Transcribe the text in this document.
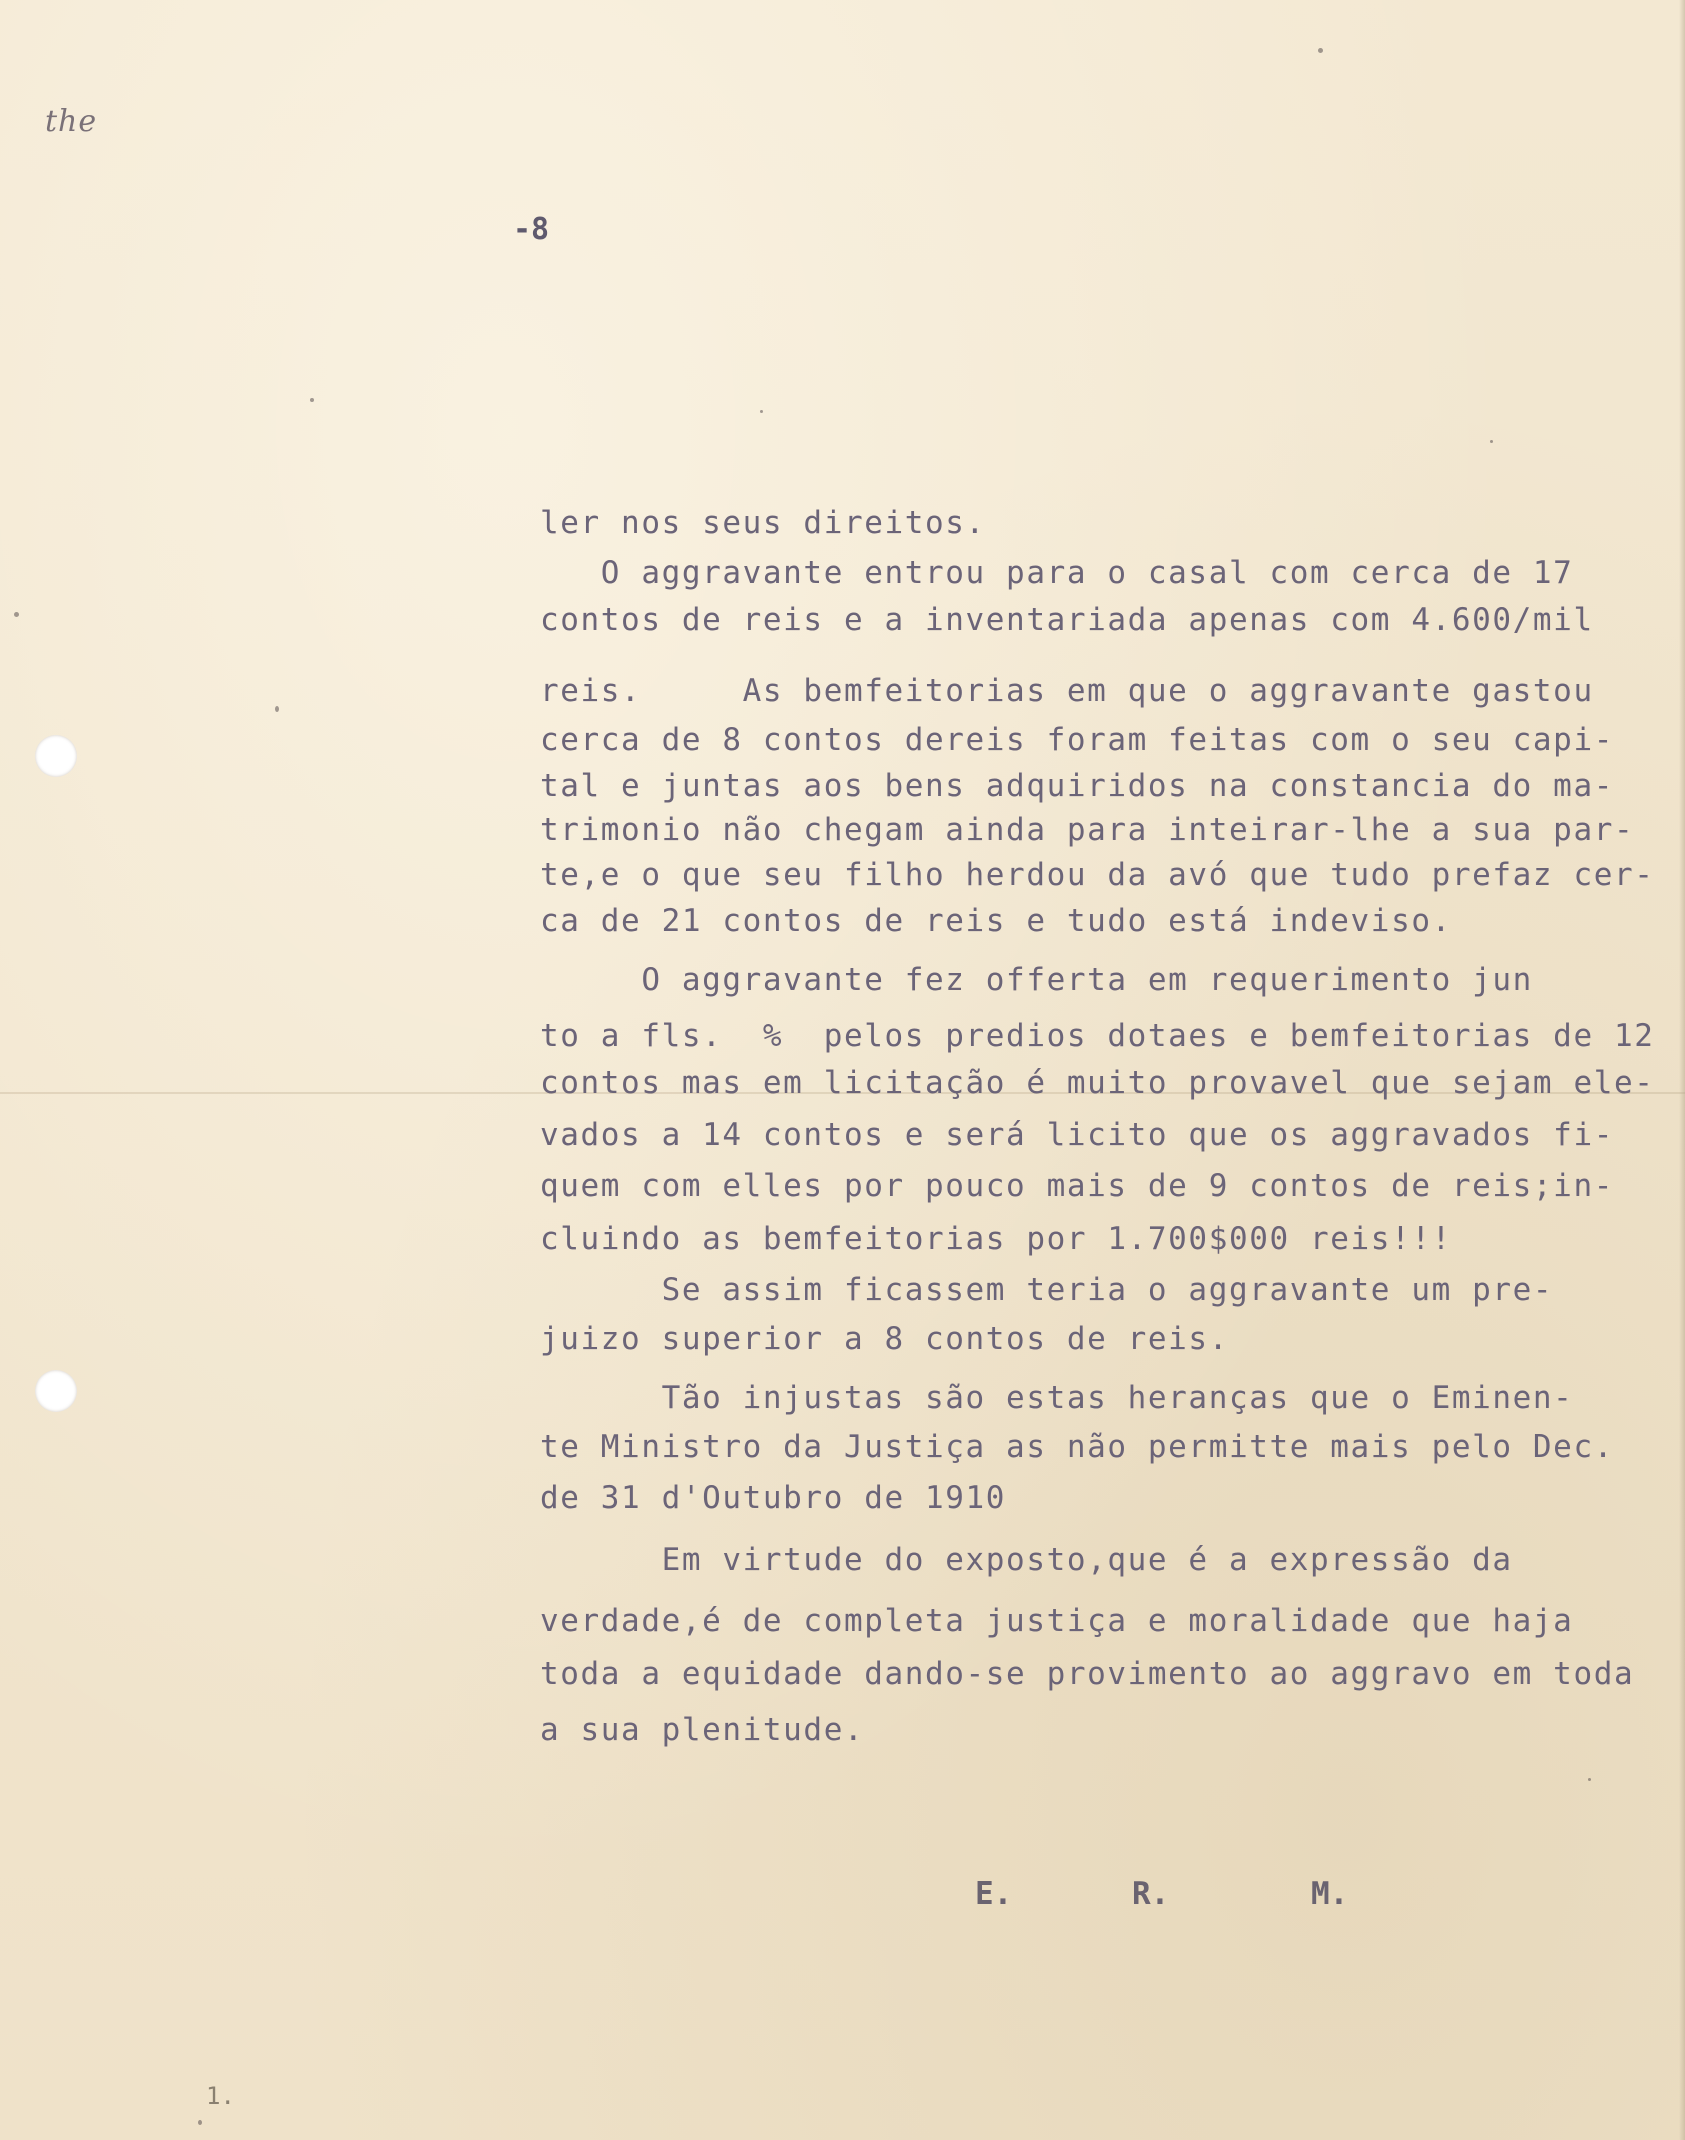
the
-8
ler nos seus direitos.
O aggravante entrou para o casal com cerca de 17
contos de reis e a inventariada apenas com 4.600/mil
reis.     As bemfeitorias em que o aggravante gastou
cerca de 8 contos dereis foram feitas com o seu capi-
tal e juntas aos bens adquiridos na constancia do ma-
trimonio não chegam ainda para inteirar-lhe a sua par-
te,e o que seu filho herdou da avó que tudo prefaz cer-
ca de 21 contos de reis e tudo está indeviso.
O aggravante fez offerta em requerimento jun
to a fls.  %  pelos predios dotaes e bemfeitorias de 12
contos mas em licitação é muito provavel que sejam ele-
vados a 14 contos e será licito que os aggravados fi-
quem com elles por pouco mais de 9 contos de reis;in-
cluindo as bemfeitorias por 1.700$000 reis!!!
Se assim ficassem teria o aggravante um pre-
juizo superior a 8 contos de reis.
Tão injustas são estas heranças que o Eminen-
te Ministro da Justiça as não permitte mais pelo Dec.
de 31 d'Outubro de 1910
Em virtude do exposto,que é a expressão da
verdade,é de completa justiça e moralidade que haja
toda a equidade dando-se provimento ao aggravo em toda
a sua plenitude.
E.	R.	M.
1.
